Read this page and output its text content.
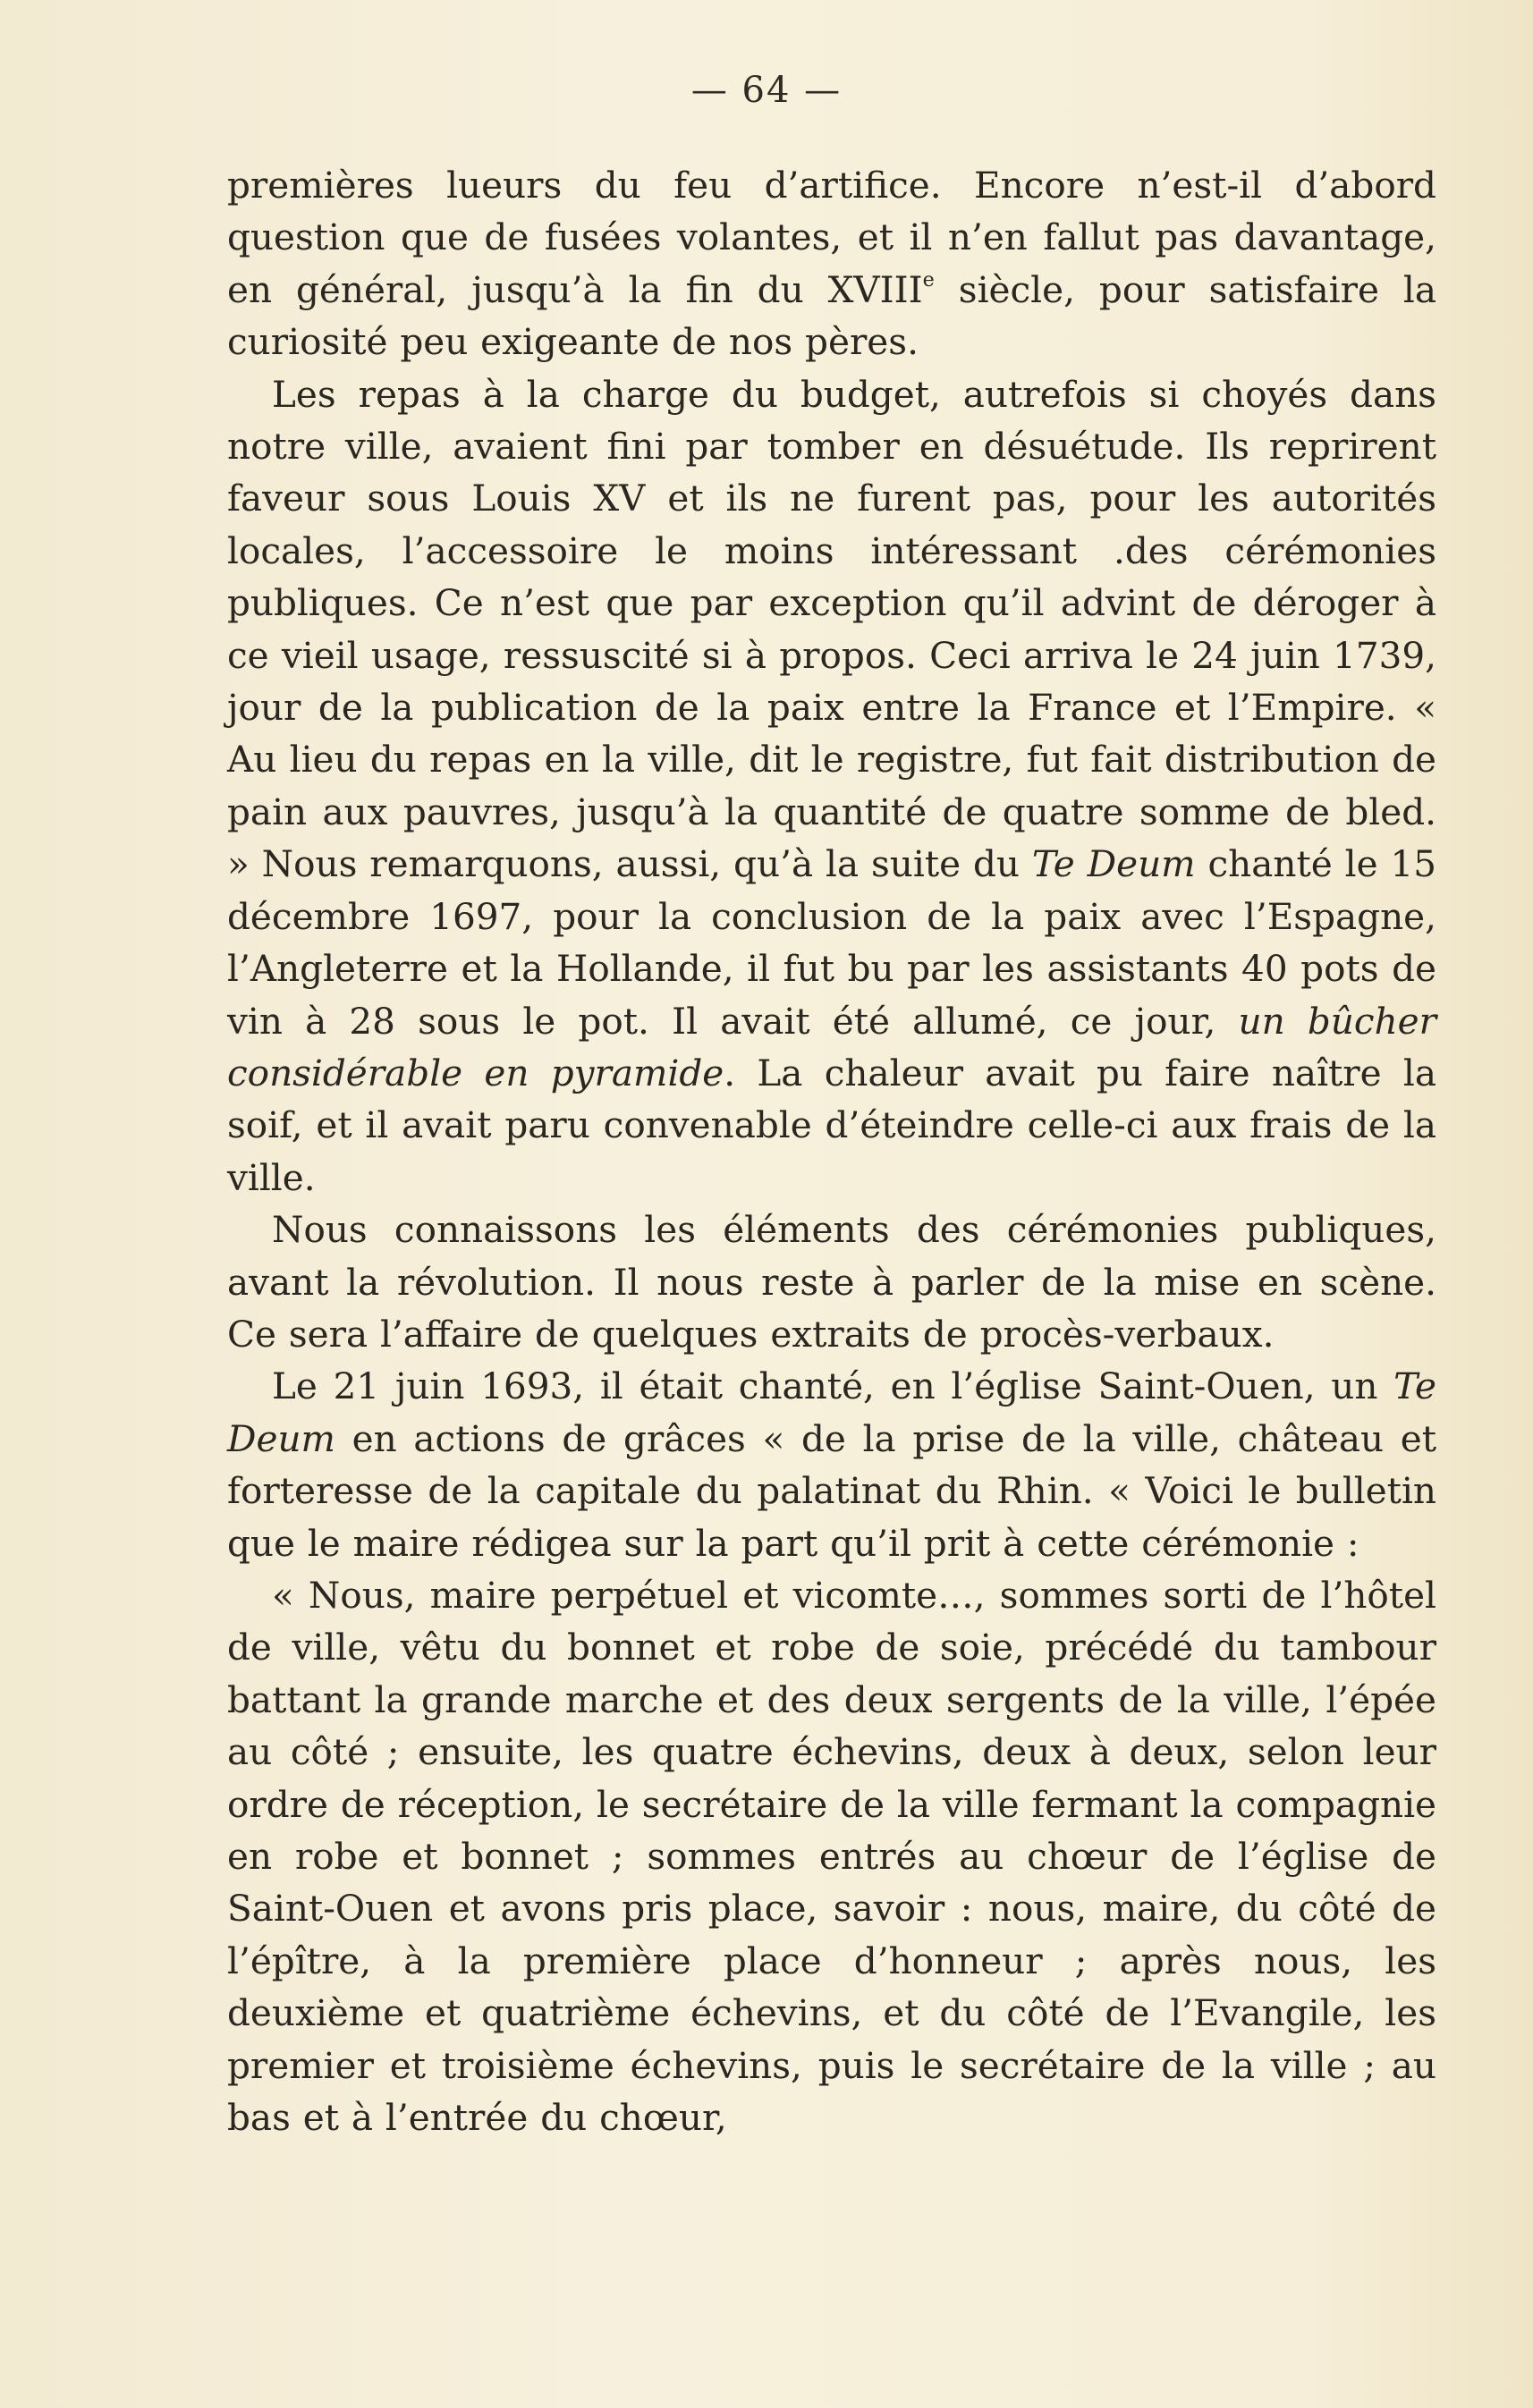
— 64 —

premières lueurs du feu d’artifice. Encore n’est-il d’abord question que de fusées volantes, et il n’en fallut pas davantage, en général, jusqu’à la fin du XVIIIe siècle, pour satisfaire la curiosité peu exigeante de nos pères.

Les repas à la charge du budget, autrefois si choyés dans notre ville, avaient fini par tomber en désuétude. Ils reprirent faveur sous Louis XV et ils ne furent pas, pour les autorités locales, l’accessoire le moins intéressant .des cérémonies publiques. Ce n’est que par exception qu’il advint de déroger à ce vieil usage, ressuscité si à propos. Ceci arriva le 24 juin 1739, jour de la publication de la paix entre la France et l’Empire. « Au lieu du repas en la ville, dit le registre, fut fait distribution de pain aux pauvres, jusqu’à la quantité de quatre somme de bled. » Nous remarquons, aussi, qu’à la suite du Te Deum chanté le 15 décembre 1697, pour la conclusion de la paix avec l’Espagne, l’Angleterre et la Hollande, il fut bu par les assistants 40 pots de vin à 28 sous le pot. Il avait été allumé, ce jour, un bûcher considérable en pyramide. La chaleur avait pu faire naître la soif, et il avait paru convenable d’éteindre celle-ci aux frais de la ville.

Nous connaissons les éléments des cérémonies publiques, avant la révolution. Il nous reste à parler de la mise en scène. Ce sera l’affaire de quelques extraits de procès-verbaux.

Le 21 juin 1693, il était chanté, en l’église Saint-Ouen, un Te Deum en actions de grâces « de la prise de la ville, château et forteresse de la capitale du palatinat du Rhin. « Voici le bulletin que le maire rédigea sur la part qu’il prit à cette cérémonie :

« Nous, maire perpétuel et vicomte…, sommes sorti de l’hôtel de ville, vêtu du bonnet et robe de soie, précédé du tambour battant la grande marche et des deux sergents de la ville, l’épée au côté ; ensuite, les quatre échevins, deux à deux, selon leur ordre de réception, le secrétaire de la ville fermant la compagnie en robe et bonnet ; sommes entrés au chœur de l’église de Saint-Ouen et avons pris place, savoir : nous, maire, du côté de l’épître, à la première place d’honneur ; après nous, les deuxième et quatrième échevins, et du côté de l’Evangile, les premier et troisième échevins, puis le secrétaire de la ville ; au bas et à l’entrée du chœur,
